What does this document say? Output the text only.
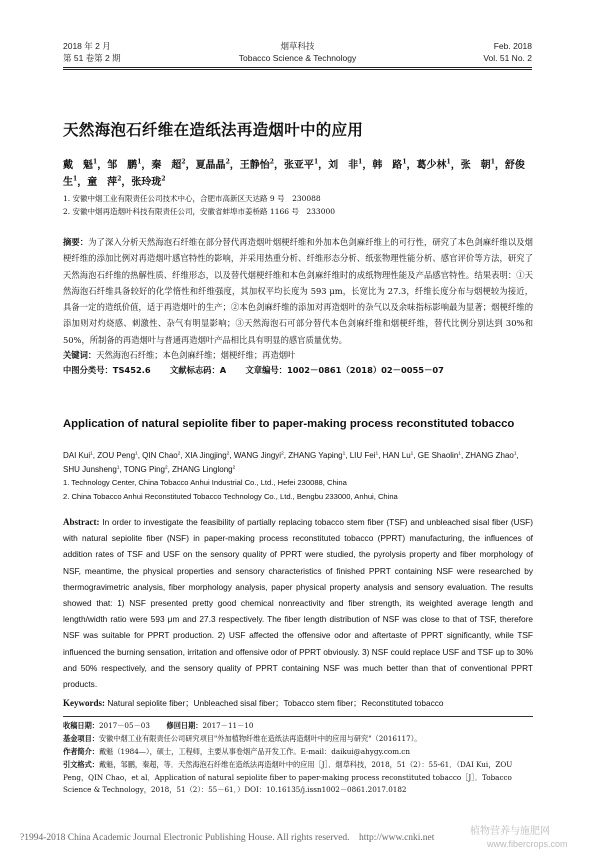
2018 年 2 月
第 51 卷第 2 期
烟草科技
Tobacco Science & Technology
Feb. 2018
Vol. 51 No. 2
天然海泡石纤维在造纸法再造烟叶中的应用
戴　魁$^1$，邹　鹏$^1$，秦　超$^2$，夏晶晶$^2$，王静怡$^2$，张亚平$^1$，刘　非$^1$，韩　路$^1$，葛少林$^1$，张　朝$^1$，舒俊生$^1$，童　萍$^2$，张玲珑$^2$
1. 安徽中烟工业有限责任公司技术中心，合肥市高新区天达路 9 号　230088
2. 安徽中烟再造烟叶科技有限责任公司，安徽省蚌埠市姜桥路 1166 号　233000
摘要：为了深入分析天然海泡石纤维在部分替代再造烟叶烟梗纤维和外加本色剑麻纤维上的可行性，研究了本色剑麻纤维以及烟梗纤维的添加比例对再造烟叶感官特性的影响，并采用热重分析、纤维形态分析、纸张物理性能分析、感官评价等方法，研究了天然海泡石纤维的热解性质、纤维形态，以及替代烟梗纤维和本色剑麻纤维时的成纸物理性能及产品感官特性。结果表明：①天然海泡石纤维具备较好的化学惰性和纤维强度，其加权平均长度为 593 μm，长宽比为 27.3，纤维长度分布与烟梗较为接近，具备一定的造纸价值，适于再造烟叶的生产；②本色剑麻纤维的添加对再造烟叶的杂气以及余味指标影响最为显著；烟梗纤维的添加则对灼烧感、刺激性、杂气有明显影响；③天然海泡石可部分替代本色剑麻纤维和烟梗纤维，替代比例分别达到 30%和 50%，所制备的再造烟叶与普通再造烟叶产品相比具有明显的感官质量优势。
关键词：天然海泡石纤维；本色剑麻纤维；烟梗纤维；再造烟叶
中图分类号：TS452.6 文献标志码：A 文章编号：1002－0861（2018）02－0055－07
Application of natural sepiolite fiber to paper-making process reconstituted tobacco
DAI Kui$^1$, ZOU Peng$^1$, QIN Chao$^2$, XIA Jingjing$^2$, WANG Jingyi$^2$, ZHANG Yaping$^1$, LIU Fei$^1$, HAN Lu$^1$, GE Shaolin$^1$, ZHANG Zhao$^1$, SHU Junsheng$^1$, TONG Ping$^2$, ZHANG Linglong$^2$
1. Technology Center, China Tobacco Anhui Industrial Co., Ltd., Hefei 230088, China
2. China Tobacco Anhui Reconstituted Tobacco Technology Co., Ltd., Bengbu 233000, Anhui, China
Abstract: In order to investigate the feasibility of partially replacing tobacco stem fiber (TSF) and unbleached sisal fiber (USF) with natural sepiolite fiber (NSF) in paper-making process reconstituted tobacco (PPRT) manufacturing, the influences of addition rates of TSF and USF on the sensory quality of PPRT were studied, the pyrolysis property and fiber morphology of NSF, meantime, the physical properties and sensory characteristics of finished PPRT containing NSF were researched by thermogravimetric analysis, fiber morphology analysis, paper physical property analysis and sensory evaluation. The results showed that: 1) NSF presented pretty good chemical nonreactivity and fiber strength, its weighted average length and length/width ratio were 593 μm and 27.3 respectively. The fiber length distribution of NSF was close to that of TSF, therefore NSF was suitable for PPRT production. 2) USF affected the offensive odor and aftertaste of PPRT significantly, while TSF influenced the burning sensation, irritation and offensive odor of PPRT obviously. 3) NSF could replace USF and TSF up to 30% and 50% respectively, and the sensory quality of PPRT containing NSF was much better than that of conventional PPRT products.
Keywords: Natural sepiolite fiber；Unbleached sisal fiber；Tobacco stem fiber；Reconstituted tobacco
收稿日期：2017－05－03 修回日期：2017－11－10
基金项目：安徽中烟工业有限责任公司研究项目"外加植物纤维在造纸法再造烟叶中的应用与研究"（2016117）。
作者简介：戴魁（1984—），硕士，工程师，主要从事卷烟产品开发工作。E-mail：daikui@ahygy.com.cn
引文格式：戴魁，邹鹏，秦超，等．天然海泡石纤维在造纸法再造烟叶中的应用［J］．烟草科技，2018，51（2）：55-61．（DAI Kui，ZOU Peng，QIN Chao，et al．Application of natural sepiolite fiber to paper-making process reconstituted tobacco［J］．Tobacco Science & Technology，2018，51（2）：55－61．）DOI：10.16135/j.issn1002－0861.2017.0182
?1994-2018 China Academic Journal Electronic Publishing House. All rights reserved.　http://www.cnki.net
植物营养与施肥网
www.fibercrops.com
